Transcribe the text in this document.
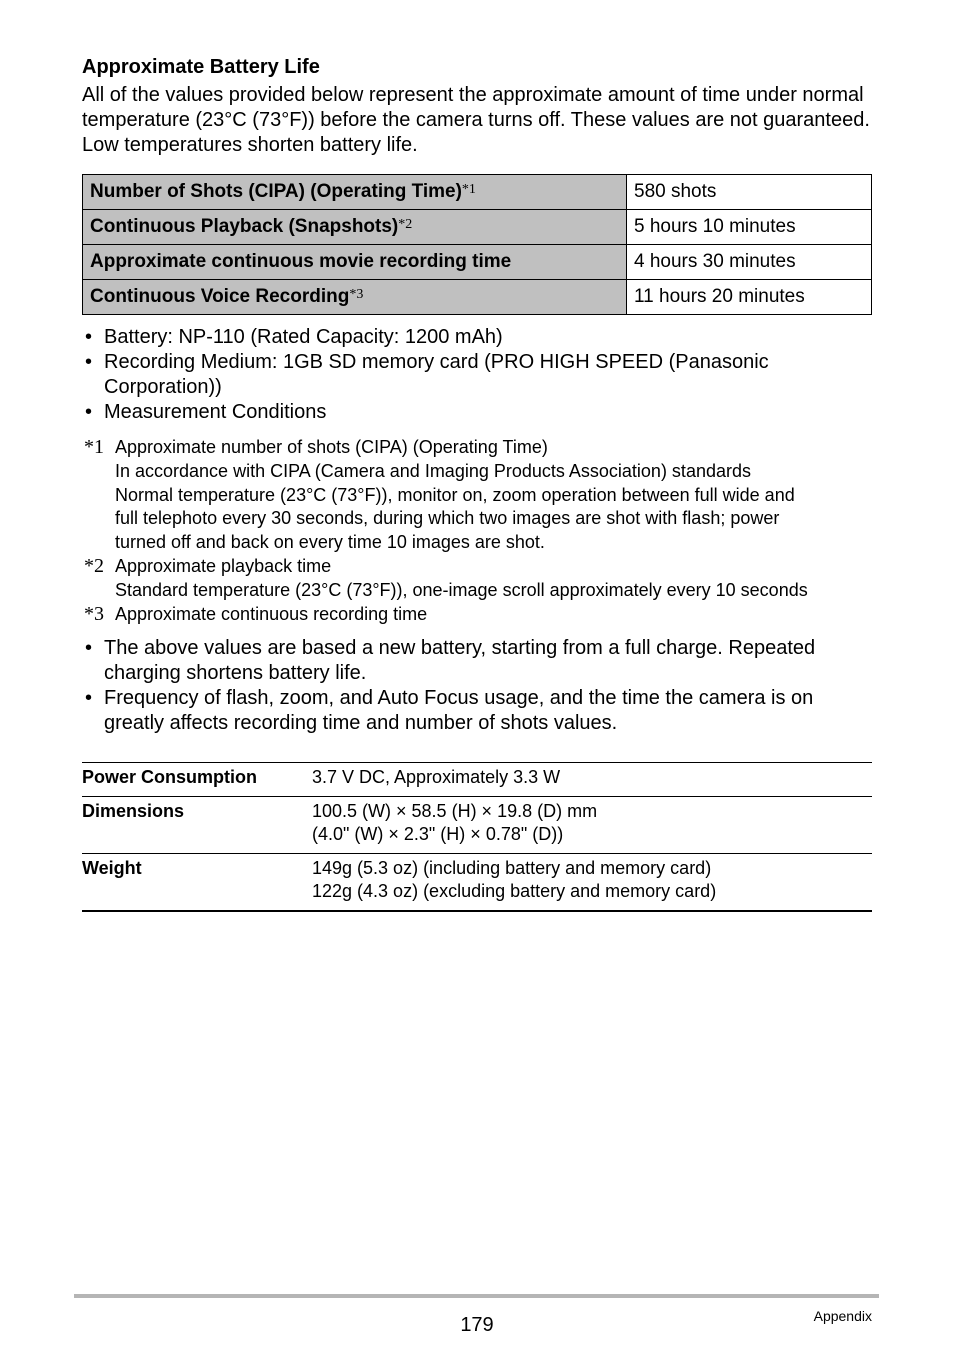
Approximate Battery Life

All of the values provided below represent the approximate amount of time under normal temperature (23°C (73°F)) before the camera turns off. These values are not guaranteed. Low temperatures shorten battery life.

Number of Shots (CIPA) (Operating Time)$^{*1}$	580 shots
Continuous Playback (Snapshots)$^{*2}$	5 hours 10 minutes
Approximate continuous movie recording time	4 hours 30 minutes
Continuous Voice Recording$^{*3}$	11 hours 20 minutes
• Battery: NP-110 (Rated Capacity: 1200 mAh)
• Recording Medium: 1GB SD memory card (PRO HIGH SPEED (Panasonic Corporation))
• Measurement Conditions
*1 Approximate number of shots (CIPA) (Operating Time)
In accordance with CIPA (Camera and Imaging Products Association) standards
Normal temperature (23°C (73°F)), monitor on, zoom operation between full wide and
full telephoto every 30 seconds, during which two images are shot with flash; power
turned off and back on every time 10 images are shot.
*2 Approximate playback time
Standard temperature (23°C (73°F)), one-image scroll approximately every 10 seconds
*3 Approximate continuous recording time
• The above values are based a new battery, starting from a full charge. Repeated charging shortens battery life.
• Frequency of flash, zoom, and Auto Focus usage, and the time the camera is on greatly affects recording time and number of shots values.
Power Consumption	3.7 V DC, Approximately 3.3 W

Dimensions	100.5 (W) × 58.5 (H) × 19.8 (D) mm
(4.0" (W) × 2.3" (H) × 0.78" (D))

Weight	149g (5.3 oz) (including battery and memory card)
122g (4.3 oz) (excluding battery and memory card)
179	Appendix
